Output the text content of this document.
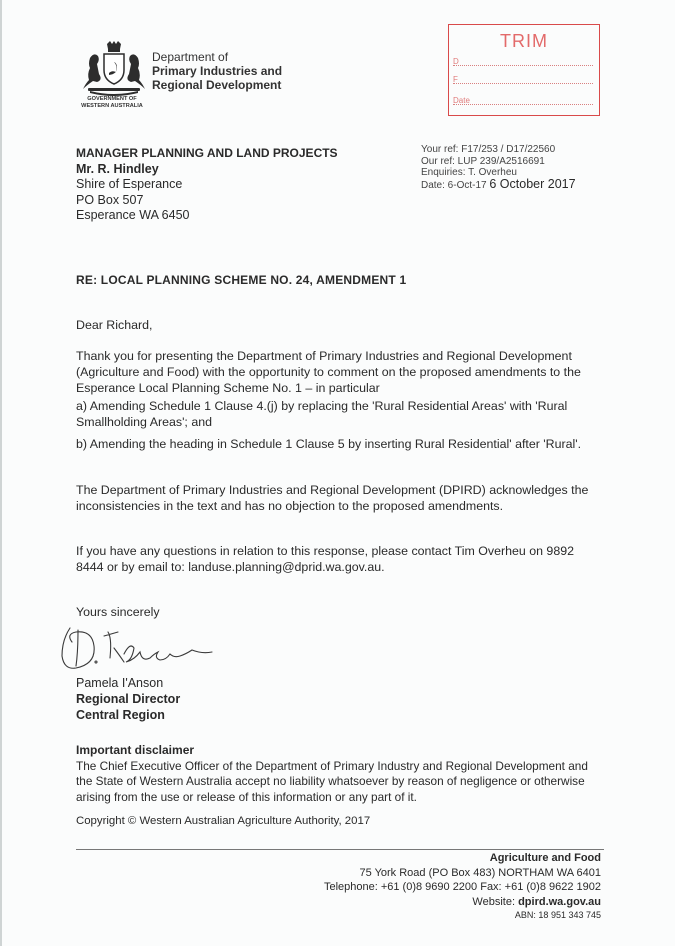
GOVERNMENT OF
WESTERN AUSTRALIA
Department of
Primary Industries and
Regional Development
TRIM
D
F
Date
MANAGER PLANNING AND LAND PROJECTS
Mr. R. Hindley
Shire of Esperance
PO Box 507
Esperance WA 6450
Your ref: F17/253 / D17/22560
Our ref: LUP 239/A2516691
Enquiries: T. Overheu
Date: 6-Oct-17 6 October 2017
RE: LOCAL PLANNING SCHEME NO. 24, AMENDMENT 1
Dear Richard,
Thank you for presenting the Department of Primary Industries and Regional Development (Agriculture and Food) with the opportunity to comment on the proposed amendments to the Esperance Local Planning Scheme No. 1 – in particular
a) Amending Schedule 1 Clause 4.(j) by replacing the 'Rural Residential Areas' with 'Rural Smallholding Areas'; and
b) Amending the heading in Schedule 1 Clause 5 by inserting Rural Residential' after 'Rural'.
The Department of Primary Industries and Regional Development (DPIRD) acknowledges the inconsistencies in the text and has no objection to the proposed amendments.
If you have any questions in relation to this response, please contact Tim Overheu on 9892 8444 or by email to: landuse.planning@dprid.wa.gov.au.
Yours sincerely
Pamela I'Anson
Regional Director
Central Region
Important disclaimer
The Chief Executive Officer of the Department of Primary Industry and Regional Development and the State of Western Australia accept no liability whatsoever by reason of negligence or otherwise arising from the use or release of this information or any part of it.
Copyright © Western Australian Agriculture Authority, 2017
Agriculture and Food
75 York Road (PO Box 483) NORTHAM WA 6401
Telephone: +61 (0)8 9690 2200 Fax: +61 (0)8 9622 1902
Website: dpird.wa.gov.au
ABN: 18 951 343 745
